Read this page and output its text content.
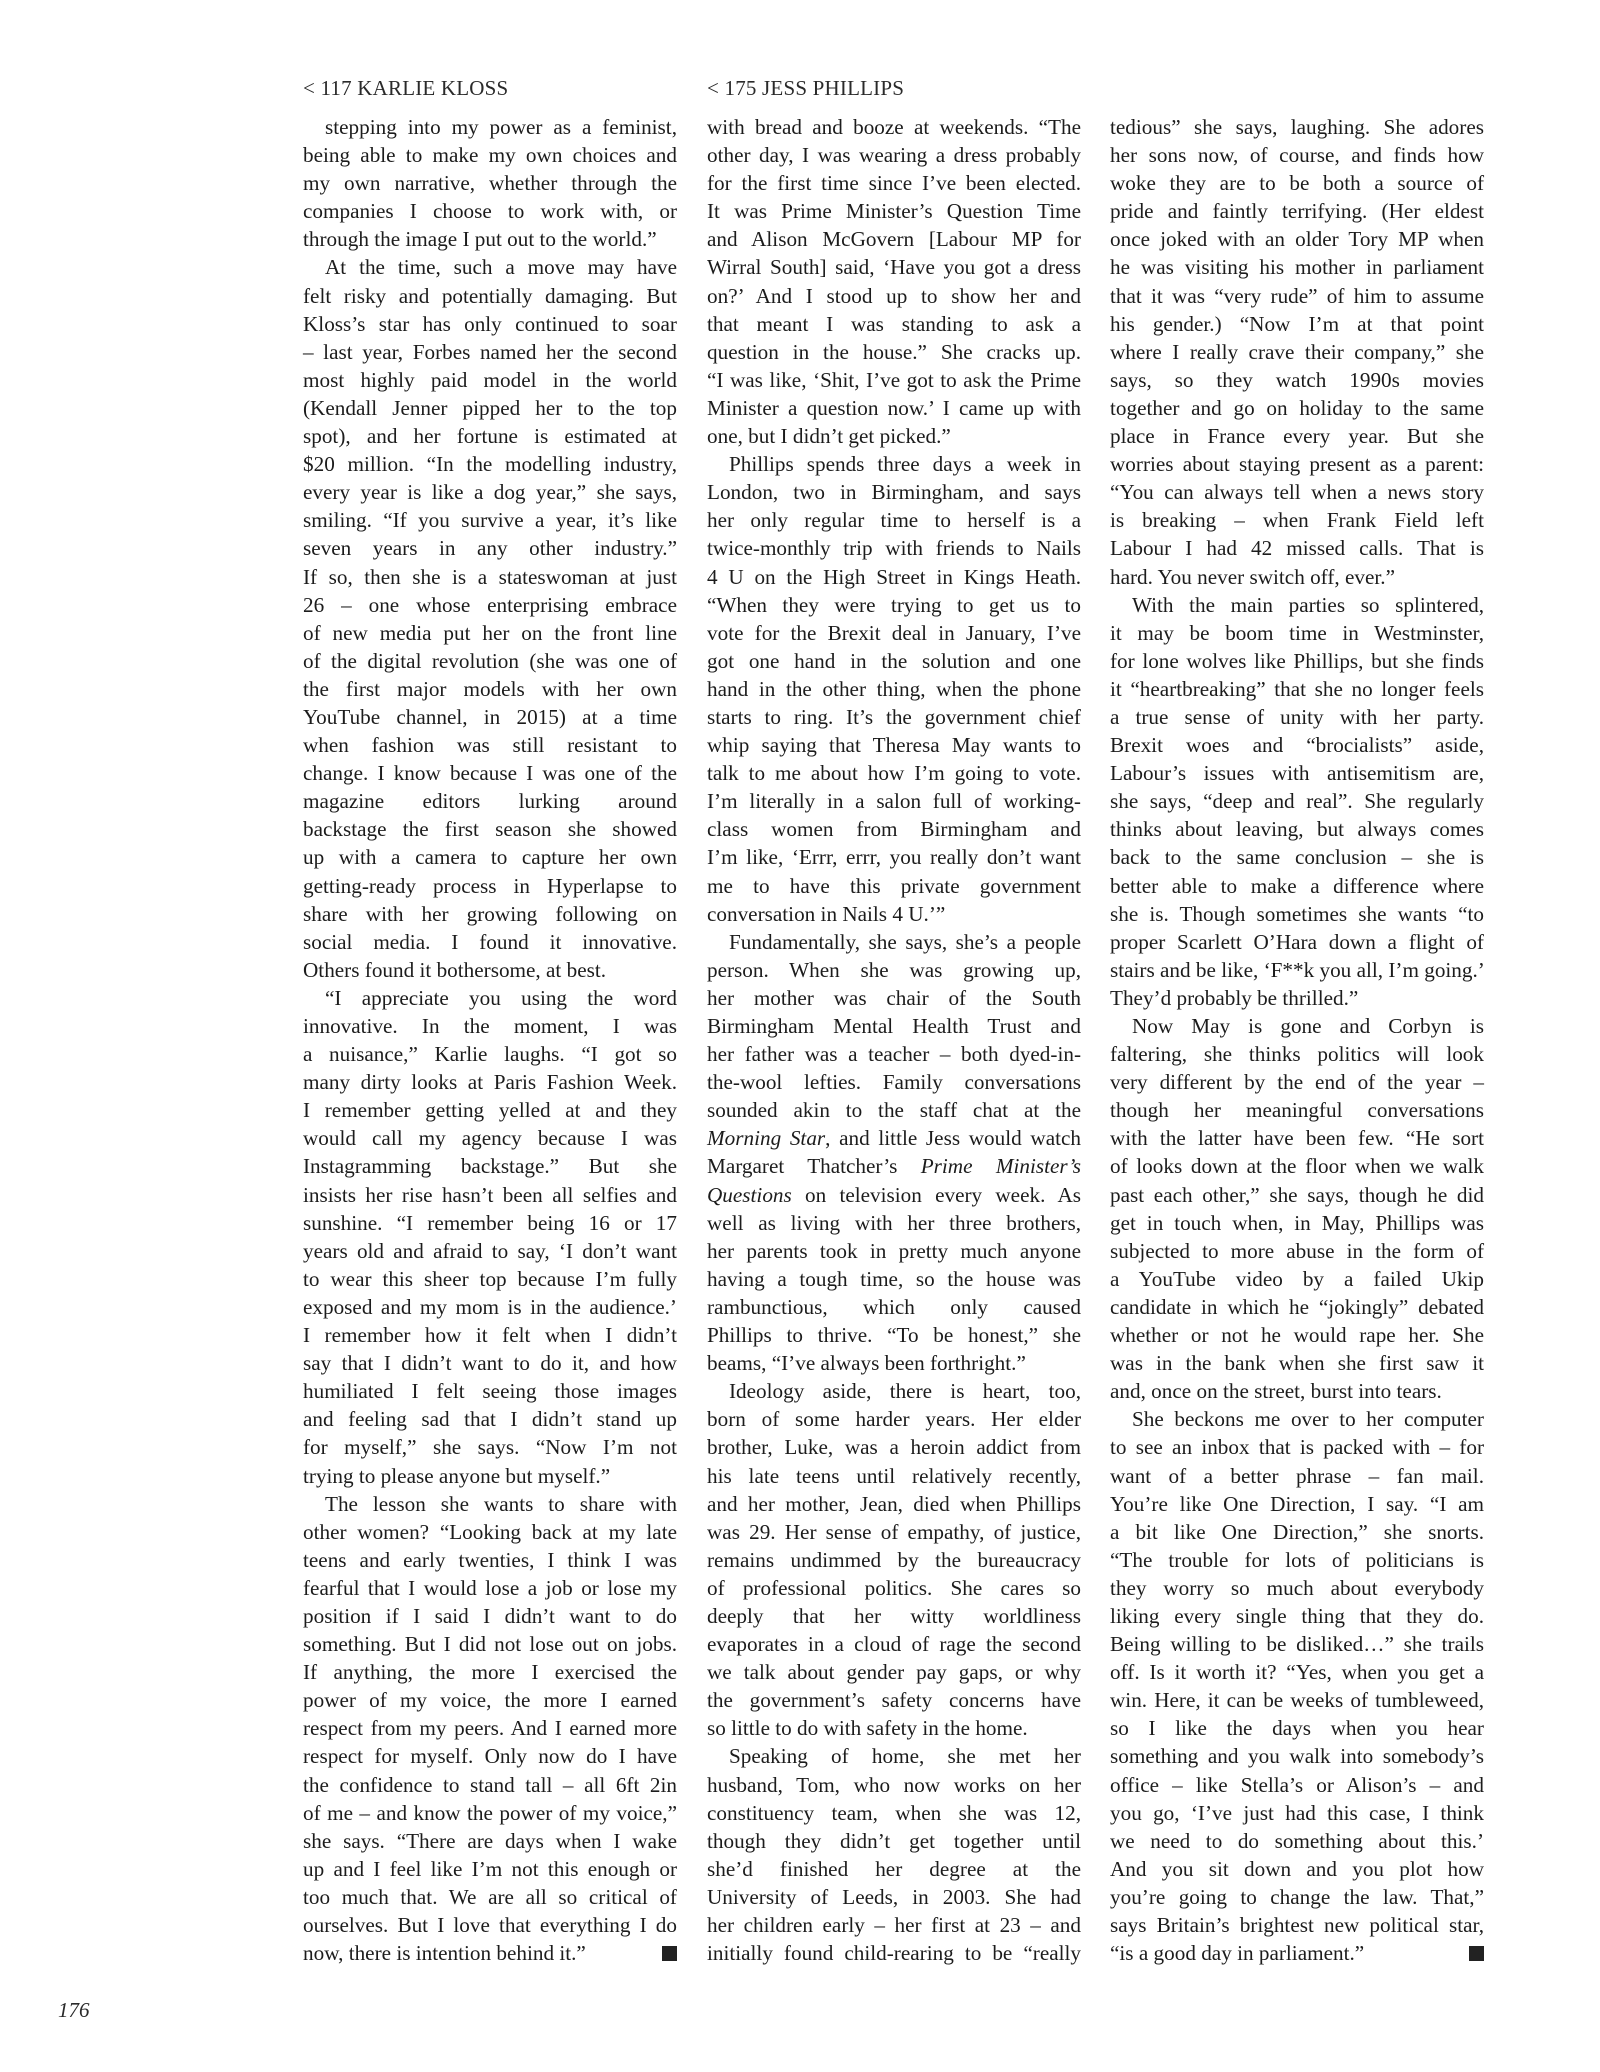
< 117 KARLIE KLOSS	< 175 JESS PHILLIPS
stepping into my power as a feminist,
being able to make my own choices and
my own narrative, whether through the
companies I choose to work with, or
through the image I put out to the world.”
At the time, such a move may have
felt risky and potentially damaging. But
Kloss’s star has only continued to soar
– last year, Forbes named her the second
most highly paid model in the world
(Kendall Jenner pipped her to the top
spot), and her fortune is estimated at
$20 million. “In the modelling industry,
every year is like a dog year,” she says,
smiling. “If you survive a year, it’s like
seven years in any other industry.”
If so, then she is a stateswoman at just
26 – one whose enterprising embrace
of new media put her on the front line
of the digital revolution (she was one of
the first major models with her own
YouTube channel, in 2015) at a time
when fashion was still resistant to
change. I know because I was one of the
magazine editors lurking around
backstage the first season she showed
up with a camera to capture her own
getting-ready process in Hyperlapse to
share with her growing following on
social media. I found it innovative.
Others found it bothersome, at best.
“I appreciate you using the word
innovative. In the moment, I was
a nuisance,” Karlie laughs. “I got so
many dirty looks at Paris Fashion Week.
I remember getting yelled at and they
would call my agency because I was
Instagramming backstage.” But she
insists her rise hasn’t been all selfies and
sunshine. “I remember being 16 or 17
years old and afraid to say, ‘I don’t want
to wear this sheer top because I’m fully
exposed and my mom is in the audience.’
I remember how it felt when I didn’t
say that I didn’t want to do it, and how
humiliated I felt seeing those images
and feeling sad that I didn’t stand up
for myself,” she says. “Now I’m not
trying to please anyone but myself.”
The lesson she wants to share with
other women? “Looking back at my late
teens and early twenties, I think I was
fearful that I would lose a job or lose my
position if I said I didn’t want to do
something. But I did not lose out on jobs.
If anything, the more I exercised the
power of my voice, the more I earned
respect from my peers. And I earned more
respect for myself. Only now do I have
the confidence to stand tall – all 6ft 2in
of me – and know the power of my voice,”
she says. “There are days when I wake
up and I feel like I’m not this enough or
too much that. We are all so critical of
ourselves. But I love that everything I do
now, there is intention behind it.”
with bread and booze at weekends. “The
other day, I was wearing a dress probably
for the first time since I’ve been elected.
It was Prime Minister’s Question Time
and Alison McGovern [Labour MP for
Wirral South] said, ‘Have you got a dress
on?’ And I stood up to show her and
that meant I was standing to ask a
question in the house.” She cracks up.
“I was like, ‘Shit, I’ve got to ask the Prime
Minister a question now.’ I came up with
one, but I didn’t get picked.”
Phillips spends three days a week in
London, two in Birmingham, and says
her only regular time to herself is a
twice-monthly trip with friends to Nails
4 U on the High Street in Kings Heath.
“When they were trying to get us to
vote for the Brexit deal in January, I’ve
got one hand in the solution and one
hand in the other thing, when the phone
starts to ring. It’s the government chief
whip saying that Theresa May wants to
talk to me about how I’m going to vote.
I’m literally in a salon full of working-
class women from Birmingham and
I’m like, ‘Errr, errr, you really don’t want
me to have this private government
conversation in Nails 4 U.’”
Fundamentally, she says, she’s a people
person. When she was growing up,
her mother was chair of the South
Birmingham Mental Health Trust and
her father was a teacher – both dyed-in-
the-wool lefties. Family conversations
sounded akin to the staff chat at the
Morning Star, and little Jess would watch
Margaret Thatcher’s Prime Minister’s
Questions on television every week. As
well as living with her three brothers,
her parents took in pretty much anyone
having a tough time, so the house was
rambunctious, which only caused
Phillips to thrive. “To be honest,” she
beams, “I’ve always been forthright.”
Ideology aside, there is heart, too,
born of some harder years. Her elder
brother, Luke, was a heroin addict from
his late teens until relatively recently,
and her mother, Jean, died when Phillips
was 29. Her sense of empathy, of justice,
remains undimmed by the bureaucracy
of professional politics. She cares so
deeply that her witty worldliness
evaporates in a cloud of rage the second
we talk about gender pay gaps, or why
the government’s safety concerns have
so little to do with safety in the home.
Speaking of home, she met her
husband, Tom, who now works on her
constituency team, when she was 12,
though they didn’t get together until
she’d finished her degree at the
University of Leeds, in 2003. She had
her children early – her first at 23 – and
initially found child-rearing to be “really
tedious” she says, laughing. She adores
her sons now, of course, and finds how
woke they are to be both a source of
pride and faintly terrifying. (Her eldest
once joked with an older Tory MP when
he was visiting his mother in parliament
that it was “very rude” of him to assume
his gender.) “Now I’m at that point
where I really crave their company,” she
says, so they watch 1990s movies
together and go on holiday to the same
place in France every year. But she
worries about staying present as a parent:
“You can always tell when a news story
is breaking – when Frank Field left
Labour I had 42 missed calls. That is
hard. You never switch off, ever.”
With the main parties so splintered,
it may be boom time in Westminster,
for lone wolves like Phillips, but she finds
it “heartbreaking” that she no longer feels
a true sense of unity with her party.
Brexit woes and “brocialists” aside,
Labour’s issues with antisemitism are,
she says, “deep and real”. She regularly
thinks about leaving, but always comes
back to the same conclusion – she is
better able to make a difference where
she is. Though sometimes she wants “to
proper Scarlett O’Hara down a flight of
stairs and be like, ‘F**k you all, I’m going.’
They’d probably be thrilled.”
Now May is gone and Corbyn is
faltering, she thinks politics will look
very different by the end of the year –
though her meaningful conversations
with the latter have been few. “He sort
of looks down at the floor when we walk
past each other,” she says, though he did
get in touch when, in May, Phillips was
subjected to more abuse in the form of
a YouTube video by a failed Ukip
candidate in which he “jokingly” debated
whether or not he would rape her. She
was in the bank when she first saw it
and, once on the street, burst into tears.
She beckons me over to her computer
to see an inbox that is packed with – for
want of a better phrase – fan mail.
You’re like One Direction, I say. “I am
a bit like One Direction,” she snorts.
“The trouble for lots of politicians is
they worry so much about everybody
liking every single thing that they do.
Being willing to be disliked…” she trails
off. Is it worth it? “Yes, when you get a
win. Here, it can be weeks of tumbleweed,
so I like the days when you hear
something and you walk into somebody’s
office – like Stella’s or Alison’s – and
you go, ‘I’ve just had this case, I think
we need to do something about this.’
And you sit down and you plot how
you’re going to change the law. That,”
says Britain’s brightest new political star,
“is a good day in parliament.”
176
